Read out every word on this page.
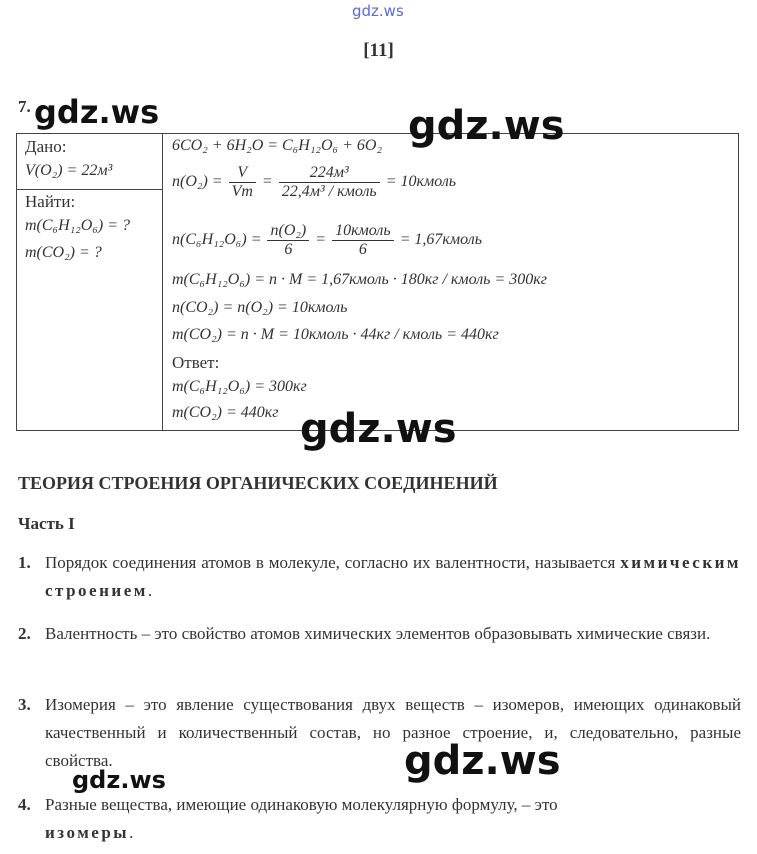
gdz.ws
gdz.ws	gdz.ws
gdz.ws
gdz.ws
gdz.ws
[11]
7.
Дано:
V(O₂) = 22м³
Найти:
m(C₆H₁₂O₆) = ?
m(CO₂) = ?
6CO₂ + 6H₂O = C₆H₁₂O₆ + 6O₂
$n(O_2) = \frac{V}{Vm} = \frac{\text{224м³}}{\text{22,4м³ / кмоль}}$ = 10кмоль
$n(C_6H_{12}O_6) = \frac{\text{n(O₂)}}{6} = \frac{\text{10кмоль}}{6}$ = 1,67кмоль
m(C₆H₁₂O₆) = n · M = 1,67кмоль · 180кг / кмоль = 300кг
n(CO₂) = n(O₂) = 10кмоль
m(CO₂) = n · M = 10кмоль · 44кг / кмоль = 440кг
Ответ:
m(C₆H₁₂O₆) = 300кг
m(CO₂) = 440кг
ТЕОРИЯ СТРОЕНИЯ ОРГАНИЧЕСКИХ СОЕДИНЕНИЙ
Часть I
1. Порядок соединения атомов в молекуле, согласно их валентности, называется химическим строением.
2. Валентность – это свойство атомов химических элементов образовывать химические связи.
3. Изомерия – это явление существования двух веществ – изомеров, имеющих одинаковый качественный и количественный состав, но разное строение, и, следовательно, разные свойства.
4. Разные вещества, имеющие одинаковую молекулярную формулу, – это
изомеры.
